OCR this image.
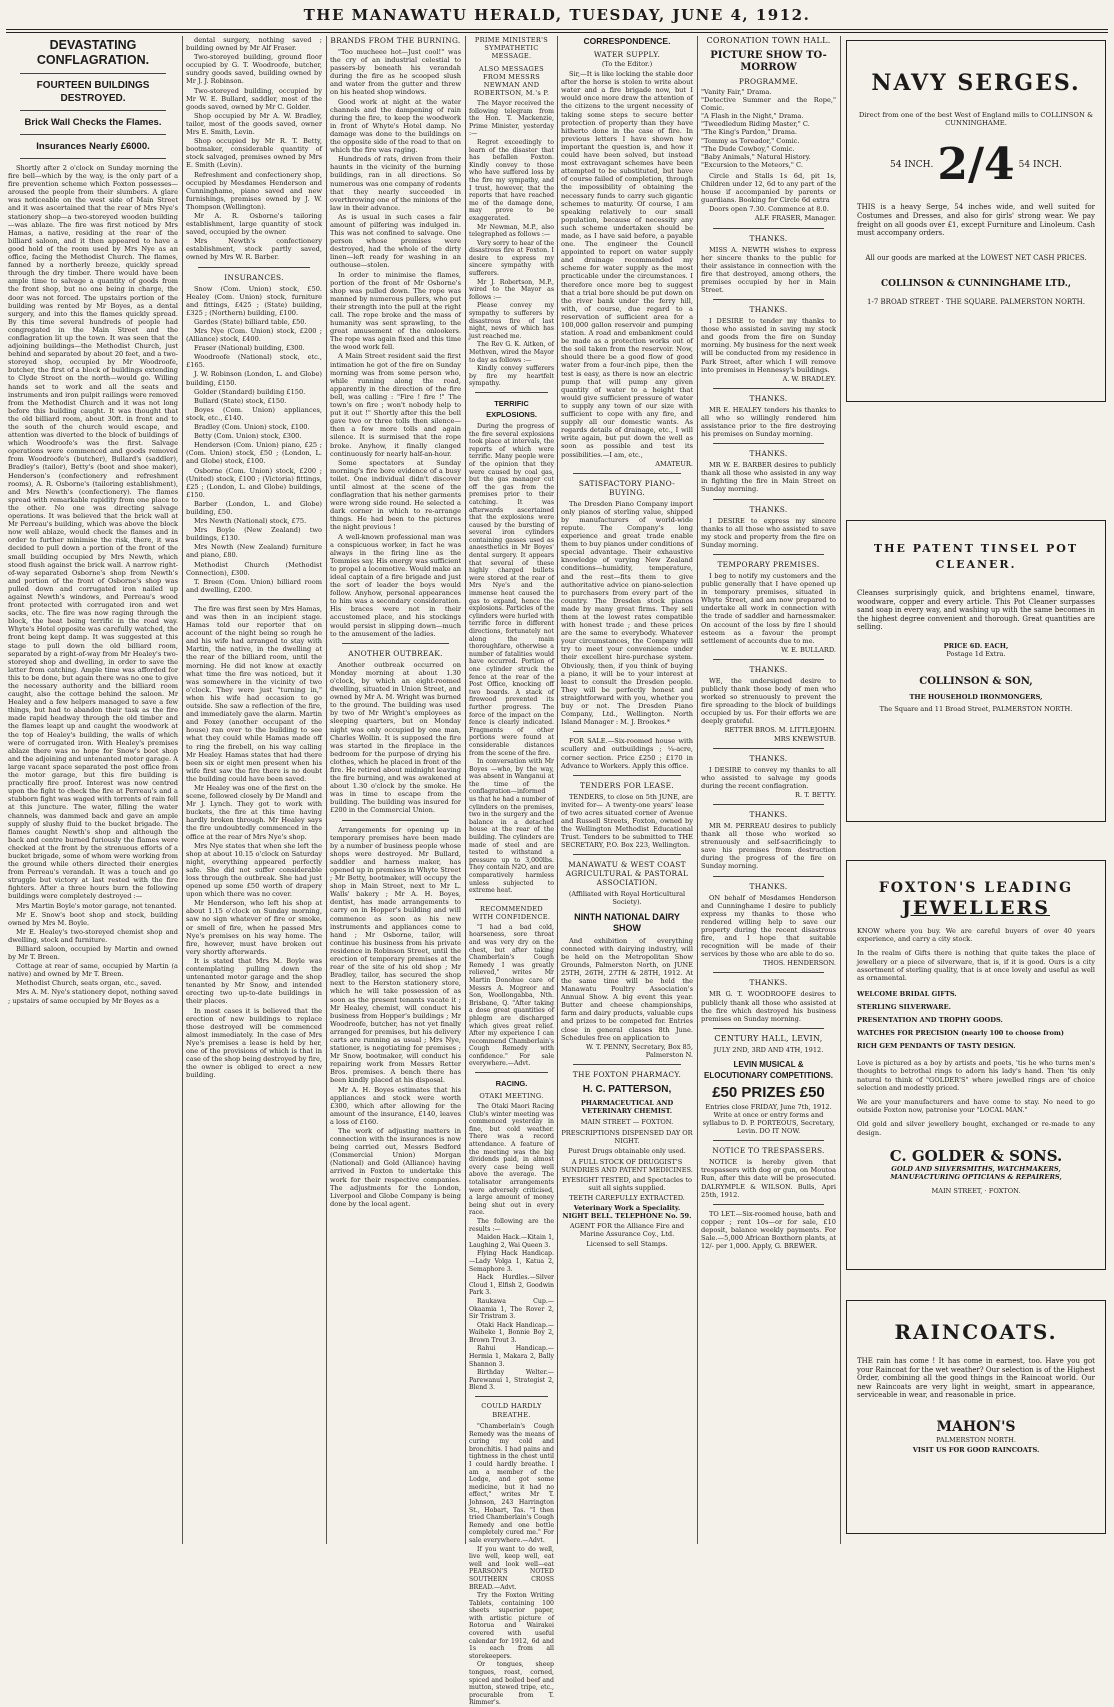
THE MANAWATU HERALD, TUESDAY, JUNE 4, 1912.
DEVASTATING CONFLAGRATION.
FOURTEEN BUILDINGS DESTROYED.
Brick Wall Checks the Flames.
Insurances Nearly £6000.

Shortly after 2 o'clock on Sunday morning the fire bell—which by the way, is the only part of a fire prevention scheme which Foxton possesses—aroused the people from their slumbers. A glare was noticeable on the west side of Main Street and it was ascertained that the rear of Mrs Nye's stationery shop—a two-storeyed wooden building—was ablaze. The fire was first noticed by Mrs Hamas, a native, residing at the rear of the billiard saloon, and it then appeared to have a good hold of the room used by Mrs Nye as an office, facing the Methodist Church. The flames, fanned by a northerly breeze, quickly spread through the dry timber. There would have been ample time to salvage a quantity of goods from the front shop, but no one being in charge, the door was not forced. The upstairs portion of the building was rented by Mr Boyes, as a dental surgery, and into this the flames quickly spread. By this time several hundreds of people had congregated in the Main Street and the conflagration lit up the town. It was seen that the adjoining buildings—the Methodist Church, just behind and separated by about 20 feet, and a two-storeyed shop, occupied by Mr Woodroofe, butcher, the first of a block of buildings extending to Clyde Street on the north—would go. Willing hands set to work and all the seats and instruments and iron pulpit railings were removed from the Methodist Church and it was not long before this building caught. It was thought that the old billiard room, about 30ft. in front and to the south of the church would escape, and attention was diverted to the block of buildings of which Woodroofe's was the first. Salvage operations were commenced and goods removed from Woodroofe's (butcher), Bullard's (saddler), Bradley's (tailor), Betty's (boot and shoe maker), Henderson's (confectionery and refreshment rooms), A. R. Osborne's (tailoring establishment), and Mrs Newth's (confectionery). The flames spread with remarkable rapidity from one place to the other. No one was directing salvage operations. It was believed that the brick wall at Mr Perreau's building, which was above the block now well ablaze, would check the flames and in order to further minimise the risk, there, it was decided to pull down a portion of the front of the small building occupied by Mrs Newth, which stood flush against the brick wall. A narrow right-of-way separated Osborne's shop from Newth's and portion of the front of Osborne's shop was pulled down and corrugated iron nailed up against Newth's windows, and Perreau's wood front protected with corrugated iron and wet sacks, etc. The fire was now raging through the block, the heat being terrific in the road way. Whyte's Hotel opposite was carefully watched, the front being kept damp. It was suggested at this stage to pull down the old billiard room, separated by a right-of-way from Mr Healey's two-storeyed shop and dwelling, in order to save the latter from catching. Ample time was afforded for this to be done, but again there was no one to give the necessary authority and the billiard room caught, also the cottage behind the saloon. Mr Healey and a few helpers managed to save a few things, but had to abandon their task as the fire made rapid headway through the old timber and the flames leapt up and caught the woodwork at the top of Healey's building, the walls of which were of corrugated iron. With Healey's premises ablaze there was no hope for Snow's boot shop and the adjoining and untenanted motor garage. A large vacant space separated the post office from the motor garage, but this fire building is practically fire proof. Interest was now centred upon the fight to check the fire at Perreau's and a stubborn fight was waged with torrents of rain fell at this juncture. The water, filling the water channels, was dammed back and gave an ample supply of slushy fluid to the bucket brigade. The flames caught Newth's shop and although the back and centre burned furiously the flames were checked at the front by the strenuous efforts of a bucket brigade, some of whom were working from the ground while others directed their energies from Perreau's verandah. It was a touch and go struggle but victory at last rested with the fire fighters. After a three hours burn the following buildings were completely destroyed :—

Mrs Martin Boyle's motor garage, not tenanted.

Mr E. Snow's boot shop and stock, building owned by Mrs M. Boyle.

Mr E. Healey's two-storeyed chemist shop and dwelling, stock and furniture.

Billiard saloon, occupied by Martin and owned by Mr T. Breen.

Cottage at rear of same, occupied by Martin (a native) and owned by Mr T. Breen.

Methodist Church, seats organ, etc., saved.

Mrs A. M. Nye's stationery depot, nothing saved ; upstairs of same occupied by Mr Boyes as a

dental surgery, nothing saved ; building owned by Mr Alf Fraser.

Two-storeyed building, ground floor occupied by G. T. Woodroofe, butcher, sundry goods saved, building owned by Mr J. J. Robinson.

Two-storeyed building, occupied by Mr W. E. Bullard, saddler, most of the goods saved, owned by Mr C. Golder.

Shop occupied by Mr A. W. Bradley, tailor, most of the goods saved, owner Mrs E. Smith, Levin.

Shop occupied by Mr R. T. Betty, bootmaker, considerable quantity of stock salvaged, premises owned by Mrs E. Smith (Levin).

Refreshment and confectionery shop, occupied by Mesdames Henderson and Cunninghame, piano saved and new furnishings, premises owned by J. W. Thompson (Wellington).

Mr A. R. Osborne's tailoring establishment, large quantity of stock saved, occupied by the owner.

Mrs Newth's confectionery establishment, stock partly saved, owned by Mrs W. R. Barber.

INSURANCES.

Snow (Com. Union) stock, £50. Healey (Com. Union) stock, furniture and fittings, £425 ; (State) building, £325 ; (Northern) building, £100.

Gardes (State) billiard table, £50.

Mrs Nye (Com. Union) stock, £200 ; (Alliance) stock, £400.

Fraser (National) building, £300.

Woodroofe (National) stock, etc., £165.

J. W. Robinson (London, L. and Globe) building, £150.

Golder (Standard) building £150.

Bullard (State) stock, £150.

Boyes (Com. Union) appliances, stock, etc., £140.

Bradley (Com. Union) stock, £100.

Betty (Com. Union) stock, £300.

Henderson (Com. Union) piano, £25 ; (Com. Union) stock, £50 ; (London, L. and Globe) stock, £100.

Osborne (Com. Union) stock, £200 ; (United) stock, £100 ; (Victoria) fittings, £25 ; (London, L. and Globe) buildings, £150.

Barber (London, L. and Globe) building, £50.

Mrs Newth (National) stock, £75.

Mrs Boyle (New Zealand) two buildings, £130.

Mrs Newth (New Zealand) furniture and piano, £80.

Methodist Church (Methodist Connection), £300.

T. Breen (Com. Union) billiard room and dwelling, £200.

The fire was first seen by Mrs Hamas, and was then in an incipient stage. Hamas told our reporter that on account of the night being so rough he and his wife had arranged to stay with Martin, the native, in the dwelling at the rear of the billiard room, until the morning. He did not know at exactly what time the fire was noticed, but it was somewhere in the vicinity of two o'clock. They were just "turning in," when his wife had occasion to go outside. She saw a reflection of the fire, and immediately gave the alarm. Martin and Foxey (another occupant of the house) ran over to the building to see what they could while Hamas made off to ring the firebell, on his way calling Mr Healey. Hamas states that had there been six or eight men present when his wife first saw the fire there is no doubt the building could have been saved.

Mr Healey was one of the first on the scene, followed closely by Dr Mandl and Mr J. Lynch. They got to work with buckets, the fire at this time having hardly broken through. Mr Healey says the fire undoubtedly commenced in the office at the rear of Mrs Nye's shop.

Mrs Nye states that when she left the shop at about 10.15 o'clock on Saturday night, everything appeared perfectly safe. She did not suffer considerable loss through the outbreak. She had just opened up some £50 worth of drapery upon which there was no cover.

Mr Henderson, who left his shop at about 1.15 o'clock on Sunday morning, saw no sign whatever of fire or smoke, or smell of fire, when he passed Mrs Nye's premises on his way home. The fire, however, must have broken out very shortly afterwards.

It is stated that Mrs M. Boyle was contemplating pulling down the untenanted motor garage and the shop tenanted by Mr Snow, and intended erecting two up-to-date buildings in their places.

In most cases it is believed that the erection of new buildings to replace those destroyed will be commenced almost immediately. In the case of Mrs Nye's premises a lease is held by her, one of the provisions of which is that in case of the shop being destroyed by fire, the owner is obliged to erect a new building.

BRANDS FROM THE BURNING.

"Too mucheee hot—Just cool!" was the cry of an industrial celestial to passers-by beneath his verandah during the fire as he scooped slush and water from the gutter and threw on his heated shop windows.

Good work at night at the water channels and the dampening of rain during the fire, to keep the woodwork in front of Whyte's Hotel damp. No damage was done to the buildings on the opposite side of the road to that on which the fire was raging.

Hundreds of rats, driven from their haunts in the vicinity of the burning buildings, ran in all directions. So numerous was one company of rodents that they nearly succeeded in overthrowing one of the minions of the law in their advance.

As is usual in such cases a fair amount of pilfering was indulged in. This was not confined to salvage. One person whose premises were destroyed, had the whole of the dirty linen—left ready for washing in an outhouse—stolen.

In order to minimise the flames, portion of the front of Mr Osborne's shop was pulled down. The rope was manned by numerous pullers, who put their strength into the pull at the right call. The rope broke and the mass of humanity was sent sprawling, to the great amusement of the onlookers. The rope was again fixed and this time the wood work fell.

A Main Street resident said the first intimation he got of the fire on Sunday morning was from some person who, while running along the road, apparently in the direction of the fire bell, was calling : "Fire ! fire !" The town's on fire ; won't nobody help to put it out !" Shortly after this the bell gave two or three tolls then silence—then a few more tolls and again silence. It is surmised that the rope broke. Anyhow, it finally clanged continuously for nearly half-an-hour.

Some spectators at Sunday morning's fire bore evidence of a busy toilet. One individual didn't discover until almost at the scene of the conflagration that his nether garments were wrong side round. He selected a dark corner in which to re-arrange things. He had been to the pictures the night previous !

A well-known professional man was a conspicuous worker, in fact he was always in the firing line as the Tommies say. His energy was sufficient to propel a locomotive. Would make an ideal captain of a fire brigade and just the sort of leader the boys would follow. Anyhow, personal appearances to him was a secondary consideration. His braces were not in their accustomed place, and his stockings would persist in slipping down—much to the amusement of the ladies.

ANOTHER OUTBREAK.

Another outbreak occurred on Monday morning at about 1.30 o'clock, by which an eight-roomed dwelling, situated in Union Street, and owned by Mr A. M. Wright was burned to the ground. The building was used by two of Mr Wright's employees as sleeping quarters, but on Monday night was only occupied by one man, Charles Wollin. It is supposed the fire was started in the fireplace in the bedroom for the purpose of drying his clothes, which he placed in front of the fire. He retired about midnight leaving the fire burning, and was awakened at about 1.30 o'clock by the smoke. He was in time to escape from the building. The building was insured for £200 in the Commercial Union.

Arrangements for opening up in temporary premises have been made by a number of business people whose shops were destroyed. Mr Bullard, saddler and harness maker, has opened up in premises in Whyte Street ; Mr Betty, bootmaker, will occupy the shop in Main Street, next to Mr L. Walls' bakery ; Mr A. H. Boyes, dentist, has made arrangements to carry on in Hopper's building and will commence as soon as his new instruments and appliances come to hand ; Mr Osborne, tailor, will continue his business from his private residence in Robinson Street, until the erection of temporary premises at the rear of the site of his old shop ; Mr Bradley, tailor, has secured the shop next to the Herston stationery store, which he will take possession of as soon as the present tenants vacate it ; Mr Healey, chemist, will conduct his business from Hopper's buildings ; Mr Woodroofe, butcher, has not yet finally arranged for premises, but his delivery carts are running as usual ; Mrs Nye, stationer, is negotiating for premises ; Mr Snow, bootmaker, will conduct his repairing work from Messrs Retter Bros. premises. A bench there has been kindly placed at his disposal.

Mr A. H. Boyes estimates that his appliances and stock were worth £300, which after allowing for the amount of the insurance, £140, leaves a loss of £160.

The work of adjusting matters in connection with the insurances is now being carried out, Messrs Bedford (Commercial Union) Morgan (National) and Gold (Alliance) having arrived in Foxton to undertake this work for their respective companies. The adjustments for the London, Liverpool and Globe Company is being done by the local agent.

PRIME MINISTER'S SYMPATHETIC MESSAGE.
ALSO MESSAGES FROM MESSRS NEWMAN AND ROBERTSON, M.'s P.

The Mayor received the following telegram from the Hon. T. Mackenzie, Prime Minister, yesterday :—

Regret exceedingly to learn of the disaster that has befallen Foxton. Kindly convey to those who have suffered loss by the fire my sympathy, and I trust, however, that the reports that have reached me of the damage done, may prove to be exaggerated.

Mr Newman, M.P., also telegraphed as follows :—

Very sorry to hear of the disastrous fire at Foxton. I desire to express my sincere sympathy with sufferers.

Mr J. Robertson, M.P., wired to the Mayor as follows :—

Please convey my sympathy to sufferers by disastrous fire of last night, news of which has just reached me.

The Rev G. K. Aitken, of Methven, wired the Mayor to day as follows :—

Kindly convey sufferers by fire my heartfelt sympathy.

TERRIFIC EXPLOSIONS.

During the progress of the fire several explosions took place at intervals, the reports of which were terrific. Many people were of the opinion that they were caused by coal gas, but the gas manager cut off the gas from the premises prior to their catching. It was afterwards ascertained that the explosions were caused by the bursting of several iron cylinders containing gasses used as anaesthetics in Mr Boyes' dental surgery. It appears that several of these highly charged bullets were stored at the rear of Mrs Nye's and the immense heat caused the gas to expand, hence the explosions. Particles of the cylinders were hurled with terrific force in different directions, fortunately not along the main thoroughfare, otherwise a number of fatalities would have occurred. Portion of one cylinder struck the fence at the rear of the Post Office, knocking off two boards. A stack of firewood prevented its further progress. The force of the impact on the fence is clearly indicated. Fragments of other portions were found at considerable distances from the scene of the fire.

In conversation with Mr Boyes —who, by the way, was absent in Wanganui at the time of the conflagration—informed us that he had a number of cylinders on the premises, two in the surgery and the balance in a detached house at the rear of the building. The cylinders are made of steel and are tested to withstand a pressure up to 3,000lbs. They contain N2O, and are comparatively harmless unless subjected to extreme heat.

RECOMMENDED WITH CONFIDENCE.

"I had a bad cold, hoarseness, sore throat and was very dry on the chest, but after taking Chamberlain's Cough Remedy I was greatly relieved," writes Mr Martin Donohue care of Messrs A. Mcgreor and Son, Woollongabba, Nth. Brisbane, Q. "After taking a dose great quantities of phlegm are discharged which gives great relief. After my experience I can recommend Chamberlain's Cough Remedy with confidence." For sale everywhere.—Advt.

RACING.
OTAKI MEETING.

The Otaki Maori Racing Club's winter meeting was commenced yesterday in fine, but cold weather. There was a record attendance. A feature of the meeting was the big dividends paid, in almost every case being well above the average. The totalisator arrangements were adversely criticised, a large amount of money being shut out in every race.

The following are the results :—

Maiden Hack.—Kitain 1, Laughing 2, Wai Queen 3.

Flying Hack Handicap.—Lady Volga 1, Katua 2, Semaphore 3.

Hack Hurdles.—Silver Cloud 1, Elfish 2, Goodwin Park 3.

Raukawa Cup.—Okaamia 1, The Rover 2, Sir Tristram 3.

Otaki Hack Handicap.—Waiheke 1, Bonnie Boy 2, Brown Trout 3.

Rahui Handicap.—Hermia 1, Makara 2, Bally Shannon 3.

Birthday Welter.—Parewanui 1, Strategist 2, Blend 3.

COULD HARDLY BREATHE.

"Chamberlain's Cough Remedy was the means of curing my cold and bronchitis. I had pains and tightness in the chest until I could hardly breathe. I am a member of the Lodge, and got some medicine, but it had no effect," writes Mr T. Johnson, 243 Harrington St., Hobart, Tas. "I then tried Chamberlain's Cough Remedy and one bottle completely cured me." For sale everywhere.—Advt.

If you want to do well, live well, keep well, eat well and look well—eat PEARSON'S NOTED SOUTHERN CROSS BREAD.—Advt.

Try the Foxton Writing Tablets, containing 100 sheets superior paper, with artistic picture of Rotorua and Wairakei covered with useful calendar for 1912, 6d and 1s each from all storekeepers.

Or tongues, sheep tongues, roast, corned, spiced and boiled beef and mutton, stewed tripe, etc., procurable from T. Rimmer's.

CORRESPONDENCE.
WATER SUPPLY.
(To the Editor.)

Sir,—It is like locking the stable door after the horse is stolen to write about water and a fire brigade now, but I would once more draw the attention of the citizens to the urgent necessity of taking some steps to secure better protection of property than they have hitherto done in the case of fire. In previous letters I have shown how important the question is, and how it could have been solved, but instead most extravagant schemes have been attempted to be substituted, but have of course failed of completion, through the impossibility of obtaining the necessary funds to carry such gigantic schemes to maturity. Of course, I am speaking relatively to our small population, because of necessity any such scheme undertaken should be made, as I have said before, a payable one. The engineer the Council appointed to report on water supply and drainage recommended my scheme for water supply as the most practicable under the circumstances. I therefore once more beg to suggest that a trial bore should be put down on the river bank under the ferry hill, with, of course, due regard to a reservation of sufficient area for a 100,000 gallon reservoir and pumping station. A road and embankment could be made as a protection works out of the soil taken from the reservoir. Now, should there be a good flow of good water from a four-inch pipe, then the test is easy, as there is now an electric pump that will pump any given quantity of water to a height that would give sufficient pressure of water to supply any town of our size with sufficient to cope with any fire, and supply all our domestic wants. As regards details of drainage, etc., I will write again, but put down the well as soon as possible and test its possibilities.—I am, etc.,

AMATEUR.

SATISFACTORY PIANO-BUYING.

The Dresden Piano Company import only pianos of sterling value, shipped by manufacturers of world-wide repute. The Company's long experience and great trade enable them to buy pianos under conditions of special advantage. Their exhaustive knowledge of varying New Zealand conditions—humidity, temperature, and the rest—fits them to give authoritative advice on piano-selection to purchasers from every part of the country. The Dresden stock pianos made by many great firms. They sell them at the lowest rates compatible with honest trade ; and these prices are the same to everybody. Whatever your circumstances, the Company will try to meet your convenience under their excellent hire-purchase system. Obviously, then, if you think of buying a piano, it will be to your interest at least to consult the Dresden people. They will be perfectly honest and straightforward with you, whether you buy or not. The Dresden Piano Company, Ltd., Wellington. North Island Manager : M. J. Brookes.*

FOR SALE.—Six-roomed house with scullery and outbuildings ; ¼-acre, corner section. Price £250 ; £170 in Advance to Workers. Apply this office.

TENDERS FOR LEASE.

TENDERS, to close on 5th JUNE, are invited for— A twenty-one years' lease of two acres situated corner of Avenue and Russell Streets, Foxton, owned by the Wellington Methodist Educational Trust. Tenders to be submitted to THE SECRETARY, P.O. Box 223, Wellington.

MANAWATU & WEST COAST AGRICULTURAL & PASTORAL ASSOCIATION.
(Affiliated with Royal Horticultural Society).
NINTH NATIONAL DAIRY SHOW

And exhibition of everything connected with dairying industry, will be held on the Metropolitan Show Grounds, Palmerston North, on JUNE 25TH, 26TH, 27TH & 28TH, 1912. At the same time will be held the Manawatu Poultry Association's Annual Show. A big event this year. Butter and cheese championships, farm and dairy products, valuable cups and prizes to be competed for. Entries close in general classes 8th June. Schedules free on application to

W. T. PENNY, Secretary, Box 85, Palmerston N.

THE FOXTON PHARMACY.
H. C. PATTERSON,
PHARMACEUTICAL AND VETERINARY CHEMIST.
MAIN STREET — FOXTON.
PRESCRIPTIONS DISPENSED DAY OR NIGHT.
Purest Drugs obtainable only used.
A FULL STOCK OF DRUGGIST'S SUNDRIES AND PATENT MEDICINES.
EYESIGHT TESTED, and Spectacles to suit all sights supplied.
TEETH CAREFULLY EXTRACTED.
Veterinary Work a Speciality. NIGHT BELL. TELEPHONE No. 59.
AGENT FOR the Alliance Fire and Marine Assurance Coy., Ltd.
Licensed to sell Stamps.
CORONATION TOWN HALL.
PICTURE SHOW TO-MORROW
PROGRAMME.
"Vanity Fair," Drama.
"Detective Summer and the Rope," Comic.
"A Flash in the Night," Drama.
"Tweedledum Riding Master," C.
"The King's Pardon," Drama.
"Tommy as Toreador," Comic.
"The Dude Cowboy," Comic.
"Baby Animals," Natural History.
"Excursion to the Meteors," C.

Circle and Stalls 1s 6d, pit 1s, Children under 12, 6d to any part of the house if accompanied by parents or guardians. Booking for Circle 6d extra

Doors open 7.30. Commence at 8.0.

ALF. FRASER, Manager.

THANKS.

MISS A. NEWTH wishes to express her sincere thanks to the public for their assistance in connection with the fire that destroyed, among others, the premises occupied by her in Main Street.

THANKS.

I DESIRE to tender my thanks to those who assisted in saving my stock and goods from the fire on Sunday morning. My business for the next week will be conducted from my residence in Park Street, after which I will remove into premises in Hennessy's buildings.

A. W. BRADLEY.

THANKS.

MR E. HEALEY tenders his thanks to all who so willingly rendered him assistance prior to the fire destroying his premises on Sunday morning.

THANKS.

MR W. E. BARBER desires to publicly thank all those who assisted in any way in fighting the fire in Main Street on Sunday morning.

THANKS.

I DESIRE to express my sincere thanks to all those who assisted to save my stock and property from the fire on Sunday morning.

TEMPORARY PREMISES.

I beg to notify my customers and the public generally that I have opened up in temporary premises, situated in Whyte Street, and am now prepared to undertake all work in connection with the trade of saddler and harnessmaker. On account of the loss by fire I should esteem as a favour the prompt settlement of accounts due to me.

W. E. BULLARD.

THANKS.

WE, the undersigned desire to publicly thank those body of men who worked so strenuously to prevent the fire spreading to the block of buildings occupied by us. For their efforts we are deeply grateful.

RETTER BROS. M. LITTLEJOHN. MRS KNEWSTUB.

THANKS.

I DESIRE to convey my thanks to all who assisted to salvage my goods during the recent conflagration.

R. T. BETTY.

THANKS.

MR M. PERREAU desires to publicly thank all those who worked so strenuously and self-sacrificingly to save his premises from destruction during the progress of the fire on Sunday morning.

THANKS.

ON behalf of Mesdames Henderson and Cunninghame I desire to publicly express my thanks to those who rendered willing help to save our property during the recent disastrous fire, and I hope that suitable recognition will be made of their services by those who are able to do so.

THOS. HENDERSON.

THANKS.

MR G. T. WOODROOFE desires to publicly thank all those who assisted at the fire which destroyed his business premises on Sunday morning.

CENTURY HALL, LEVIN,
JULY 2ND, 3RD AND 4TH, 1912.
LEVIN MUSICAL & ELOCUTIONARY COMPETITIONS.
£50 PRIZES £50

Entries close FRIDAY, June 7th, 1912. Write at once or entry forms and syllabus to D. P. PORTEOUS, Secretary, Levin. DO IT NOW.

NOTICE TO TRESPASSERS.

NOTICE is hereby given that trespassers with dog or gun, on Moutoa Run, after this date will be prosecuted. DALRYMPLE & WILSON. Bulls, Apri 25th, 1912.

TO LET.—Six-roomed house, bath and copper ; rent 10s—or for sale, £10 deposit, balance weekly payments. For Sale.—5,000 African Boxthorn plants, at 12/- per 1,000. Apply, G. BREWER.

NAVY SERGES.
Direct from one of the best West of England mills to COLLINSON & CUNNINGHAME.
54 INCH. 2/4 54 INCH.
THIS is a heavy Serge, 54 inches wide, and well suited for Costumes and Dresses, and also for girls' strong wear. We pay freight on all goods over £1, except Furniture and Linoleum. Cash must accompany orders.
All our goods are marked at the LOWEST NET CASH PRICES.
COLLINSON & CUNNINGHAME LTD.,
1-7 BROAD STREET · THE SQUARE. PALMERSTON NORTH.
THE PATENT TINSEL POT CLEANER.
Cleanses surprisingly quick, and brightens enamel, tinware, woodware, copper and every article. This Pot Cleaner surpasses sand soap in every way, and washing up with the same becomes in the highest degree convenient and thorough. Great quantities are selling.
PRICE 6D. EACH,
Postage 1d Extra.
COLLINSON & SON,
THE HOUSEHOLD IRONMONGERS,
The Square and 11 Broad Street, PALMERSTON NORTH.
FOXTON'S LEADING
JEWELLERS
KNOW where you buy. We are careful buyers of over 40 years experience, and carry a city stock.
In the realm of Gifts there is nothing that quite takes the place of jewellery or a piece of silverware, that is, if it is good. Ours is a city assortment of sterling quality, that is at once lovely and useful as well as ornamental.
WELCOME BRIDAL GIFTS.
STERLING SILVERWARE.
PRESENTATION AND TROPHY GOODS.
WATCHES FOR PRECISION (nearly 100 to choose from)
RICH GEM PENDANTS OF TASTY DESIGN.
Love is pictured as a boy by artists and poets, 'tis he who turns men's thoughts to betrothal rings to adorn his lady's hand. Then 'tis only natural to think of "GOLDER'S" where jewelled rings are of choice selection and modestly priced.
We are your manufacturers and have come to stay. No need to go outside Foxton now, patronise your "LOCAL MAN."
Old gold and silver jewellery bought, exchanged or re-made to any design.
C. GOLDER & SONS.
GOLD AND SILVERSMITHS, WATCHMAKERS, MANUFACTURING OPTICIANS & REPAIRERS,
MAIN STREET, · FOXTON.
RAINCOATS.
THE rain has come ! It has come in earnest, too. Have you got your Raincoat for the wet weather? Our selection is of the Highest Order, combining all the good things in the Raincoat world. Our new Raincoats are very light in weight, smart in appearance, serviceable in wear, and reasonable in price.
MAHON'S
PALMERSTON NORTH.
VISIT US FOR GOOD RAINCOATS.
